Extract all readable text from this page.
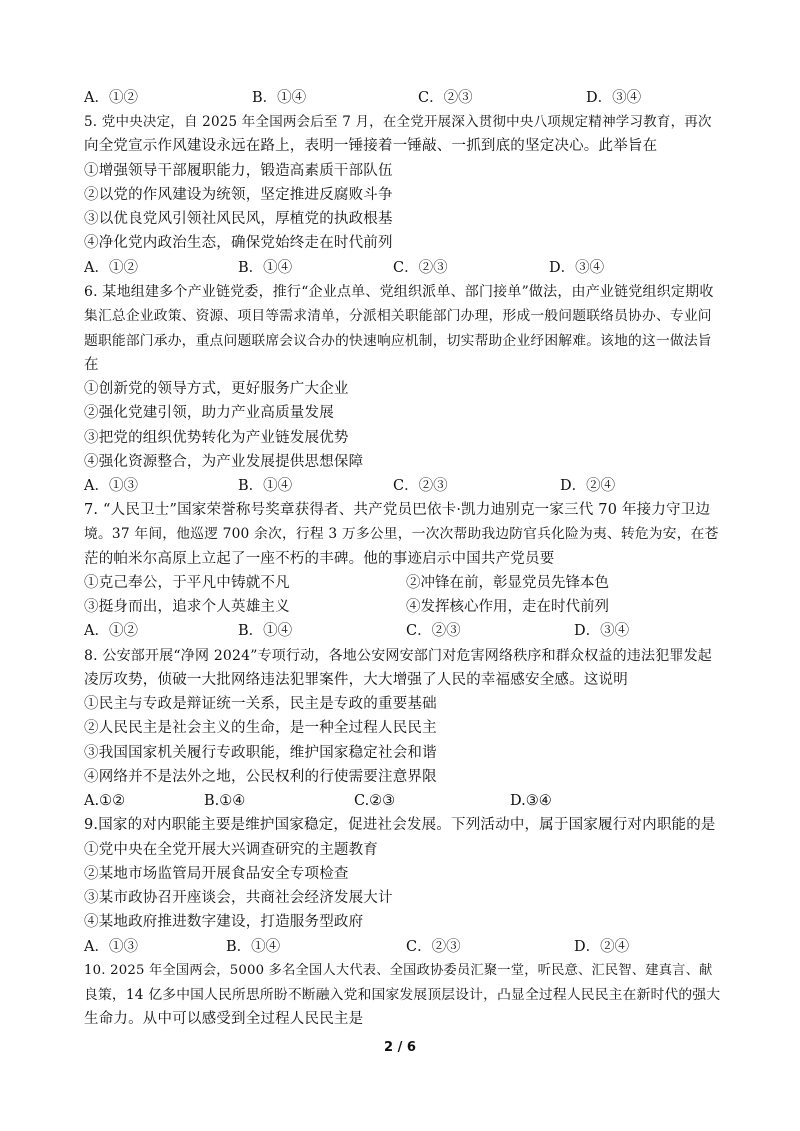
A．①②	B．①④	C．②③	D．③④
5. 党中央决定，自 2025 年全国两会后至 7 月，在全党开展深入贯彻中央八项规定精神学习教育，再次
向全党宣示作风建设永远在路上，表明一锤接着一锤敲、一抓到底的坚定决心。此举旨在
①增强领导干部履职能力，锻造高素质干部队伍
②以党的作风建设为统领，坚定推进反腐败斗争
③以优良党风引领社风民风，厚植党的执政根基
④净化党内政治生态，确保党始终走在时代前列
A．①②	B．①④	C．②③	D．③④
6. 某地组建多个产业链党委，推行“企业点单、党组织派单、部门接单”做法，由产业链党组织定期收
集汇总企业政策、资源、项目等需求清单，分派相关职能部门办理，形成一般问题联络员协办、专业问
题职能部门承办，重点问题联席会议合办的快速响应机制，切实帮助企业纾困解难。该地的这一做法旨
在
①创新党的领导方式，更好服务广大企业
②强化党建引领，助力产业高质量发展
③把党的组织优势转化为产业链发展优势
④强化资源整合，为产业发展提供思想保障
A．①③	B．①④	C．②③	D．②④
7. “人民卫士”国家荣誉称号奖章获得者、共产党员巴依卡·凯力迪别克一家三代 70 年接力守卫边
境。37 年间，他巡逻 700 余次，行程 3 万多公里，一次次帮助我边防官兵化险为夷、转危为安，在苍
茫的帕米尔高原上立起了一座不朽的丰碑。他的事迹启示中国共产党员要
①克己奉公，于平凡中铸就不凡	②冲锋在前，彰显党员先锋本色
③挺身而出，追求个人英雄主义	④发挥核心作用，走在时代前列
A．①②	B．①④	C．②③	D．③④
8. 公安部开展“净网 2024”专项行动，各地公安网安部门对危害网络秩序和群众权益的违法犯罪发起
凌厉攻势，侦破一大批网络违法犯罪案件，大大增强了人民的幸福感安全感。这说明
①民主与专政是辩证统一关系，民主是专政的重要基础
②人民民主是社会主义的生命，是一种全过程人民民主
③我国国家机关履行专政职能，维护国家稳定社会和谐
④网络并不是法外之地，公民权利的行使需要注意界限
A.①②	B.①④	C.②③	D.③④
9.国家的对内职能主要是维护国家稳定，促进社会发展。下列活动中，属于国家履行对内职能的是
①党中央在全党开展大兴调查研究的主题教育
②某地市场监管局开展食品安全专项检查
③某市政协召开座谈会，共商社会经济发展大计
④某地政府推进数字建设，打造服务型政府
A．①③	B．①④	C．②③	D．②④
10. 2025 年全国两会，5000 多名全国人大代表、全国政协委员汇聚一堂，听民意、汇民智、建真言、献
良策，14 亿多中国人民所思所盼不断融入党和国家发展顶层设计，凸显全过程人民民主在新时代的强大
生命力。从中可以感受到全过程人民民主是
2 / 6
